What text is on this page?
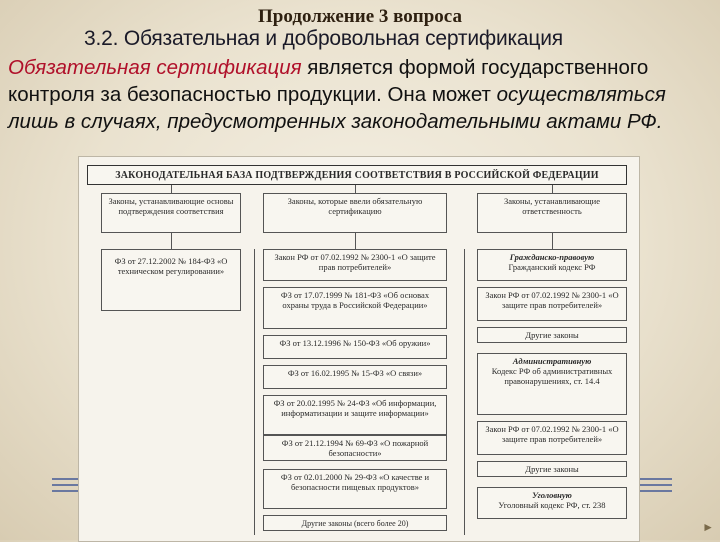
►
Продолжение 3 вопроса
3.2. Обязательная и добровольная сертификация
Обязательная сертификация является формой государственного контроля за безопасностью продукции. Она может осуществляться лишь в случаях, предусмотренных законодательными актами РФ.
ЗАКОНОДАТЕЛЬНАЯ БАЗА ПОДТВЕРЖДЕНИЯ СООТВЕТСТВИЯ В РОССИЙСКОЙ ФЕДЕРАЦИИ
Законы, устанавливающие основы подтверждения соответствия
Законы, которые ввели обязательную сертификацию
Законы, устанавливающие ответственность
ФЗ от 27.12.2002 № 184-ФЗ «О техническом регулировании»
Закон РФ от 07.02.1992 № 2300-1 «О защите прав потребителей»
ФЗ от 17.07.1999 № 181-ФЗ «Об основах охраны труда в Российской Федерации»
ФЗ от 13.12.1996 № 150-ФЗ «Об оружии»
ФЗ от 16.02.1995 № 15-ФЗ «О связи»
ФЗ от 20.02.1995 № 24-ФЗ «Об информации, информатизации и защите информации»
ФЗ от 21.12.1994 № 69-ФЗ «О пожарной безопасности»
ФЗ от 02.01.2000 № 29-ФЗ «О качестве и безопасности пищевых продуктов»
Другие законы (всего более 20)
Гражданско-правовую
Гражданский кодекс РФ
Закон РФ от 07.02.1992 № 2300-1 «О защите прав потребителей»
Другие законы
Административную
Кодекс РФ об административных правонарушениях, ст. 14.4
Закон РФ от 07.02.1992 № 2300-1 «О защите прав потребителей»
Другие законы
Уголовную
Уголовный кодекс РФ, ст. 238
